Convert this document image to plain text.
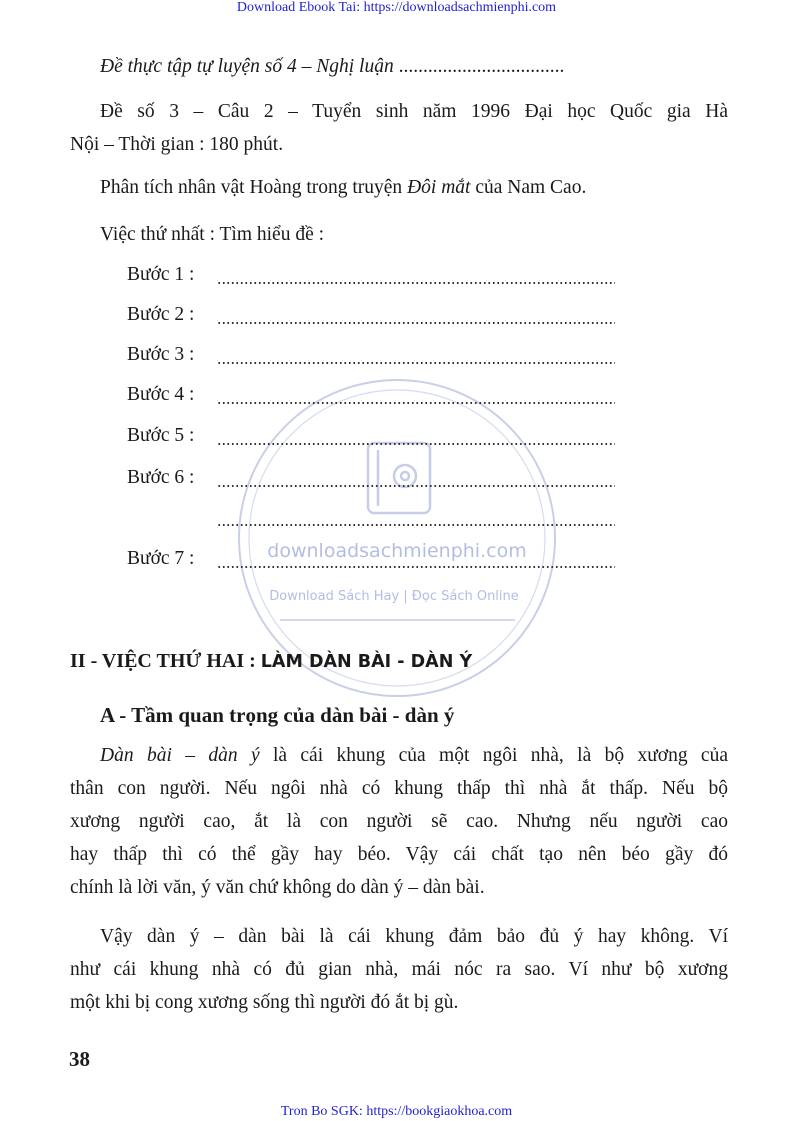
downloadsachmienphi.com
Download Sách Hay | Đọc Sách Online
Download Ebook Tai: https://downloadsachmienphi.com
Đề thực tập tự luyện số 4 – Nghị luận ..................................
Đề số 3 – Câu 2 – Tuyển sinh năm 1996 Đại học Quốc gia Hà
Nội – Thời gian : 180 phút.
Phân tích nhân vật Hoàng trong truyện Đôi mắt của Nam Cao.
Việc thứ nhất : Tìm hiểu đề :
Bước 1 :
Bước 2 :
Bước 3 :
Bước 4 :
Bước 5 :
Bước 6 :
Bước 7 :
II - VIỆC THỨ HAI : LÀM DÀN BÀI - DÀN Ý
A - Tầm quan trọng của dàn bài - dàn ý
Dàn bài – dàn ý là cái khung của một ngôi nhà, là bộ xương của
thân con người. Nếu ngôi nhà có khung thấp thì nhà ắt thấp. Nếu bộ
xương người cao, ắt là con người sẽ cao. Nhưng nếu người cao
hay thấp thì có thể gầy hay béo. Vậy cái chất tạo nên béo gầy đó
chính là lời văn, ý văn chứ không do dàn ý – dàn bài.
Vậy dàn ý – dàn bài là cái khung đảm bảo đủ ý hay không. Ví
như cái khung nhà có đủ gian nhà, mái nóc ra sao. Ví như bộ xương
một khi bị cong xương sống thì người đó ắt bị gù.
38
Tron Bo SGK: https://bookgiaokhoa.com
